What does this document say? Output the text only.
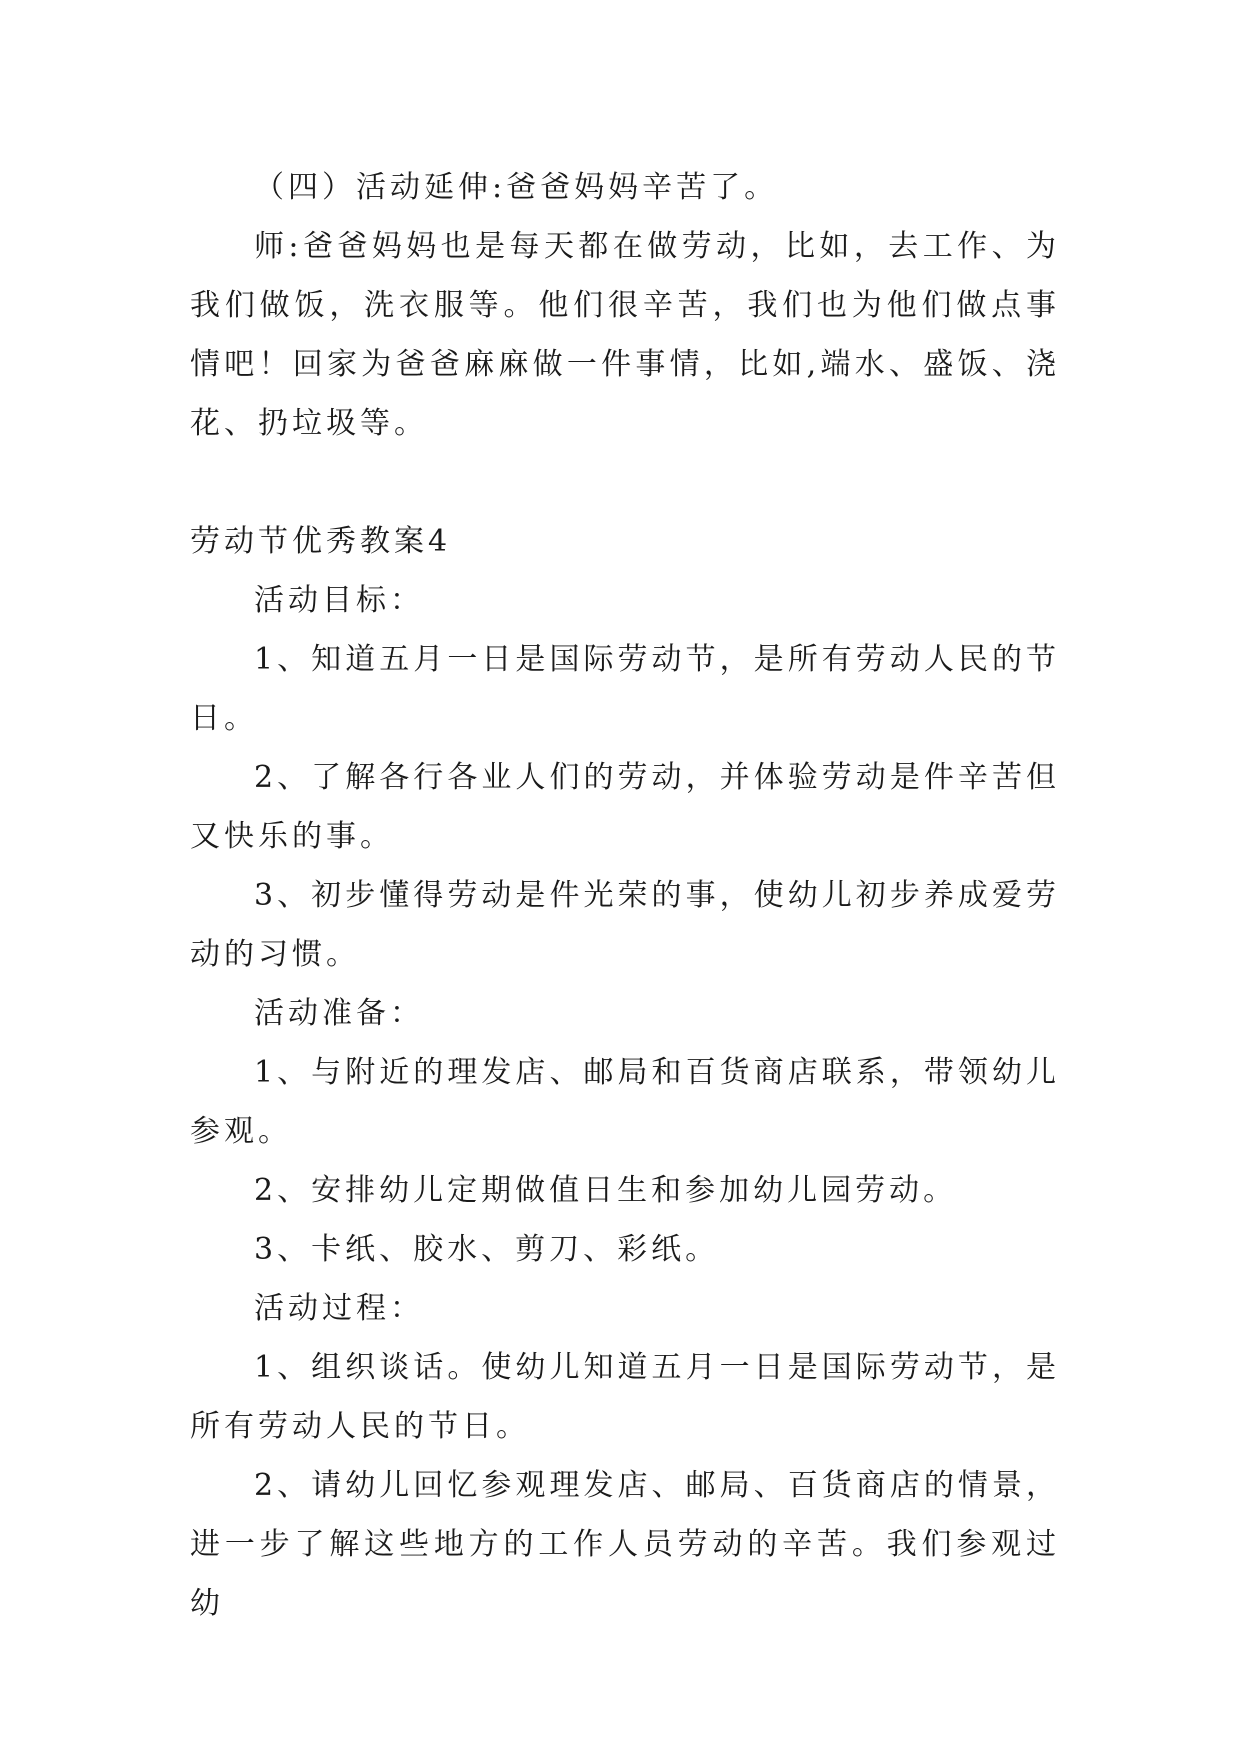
（四）活动延伸:爸爸妈妈辛苦了。

师:爸爸妈妈也是每天都在做劳动，比如，去工作、为我们做饭，洗衣服等。他们很辛苦，我们也为他们做点事情吧！回家为爸爸麻麻做一件事情，比如,端水、盛饭、浇花、扔垃圾等。

劳动节优秀教案4

活动目标：

1、知道五月一日是国际劳动节，是所有劳动人民的节日。

2、了解各行各业人们的劳动，并体验劳动是件辛苦但又快乐的事。

3、初步懂得劳动是件光荣的事，使幼儿初步养成爱劳动的习惯。

活动准备：

1、与附近的理发店、邮局和百货商店联系，带领幼儿参观。

2、安排幼儿定期做值日生和参加幼儿园劳动。

3、卡纸、胶水、剪刀、彩纸。

活动过程：

1、组织谈话。使幼儿知道五月一日是国际劳动节，是所有劳动人民的节日。

2、请幼儿回忆参观理发店、邮局、百货商店的情景，进一步了解这些地方的工作人员劳动的辛苦。我们参观过幼
